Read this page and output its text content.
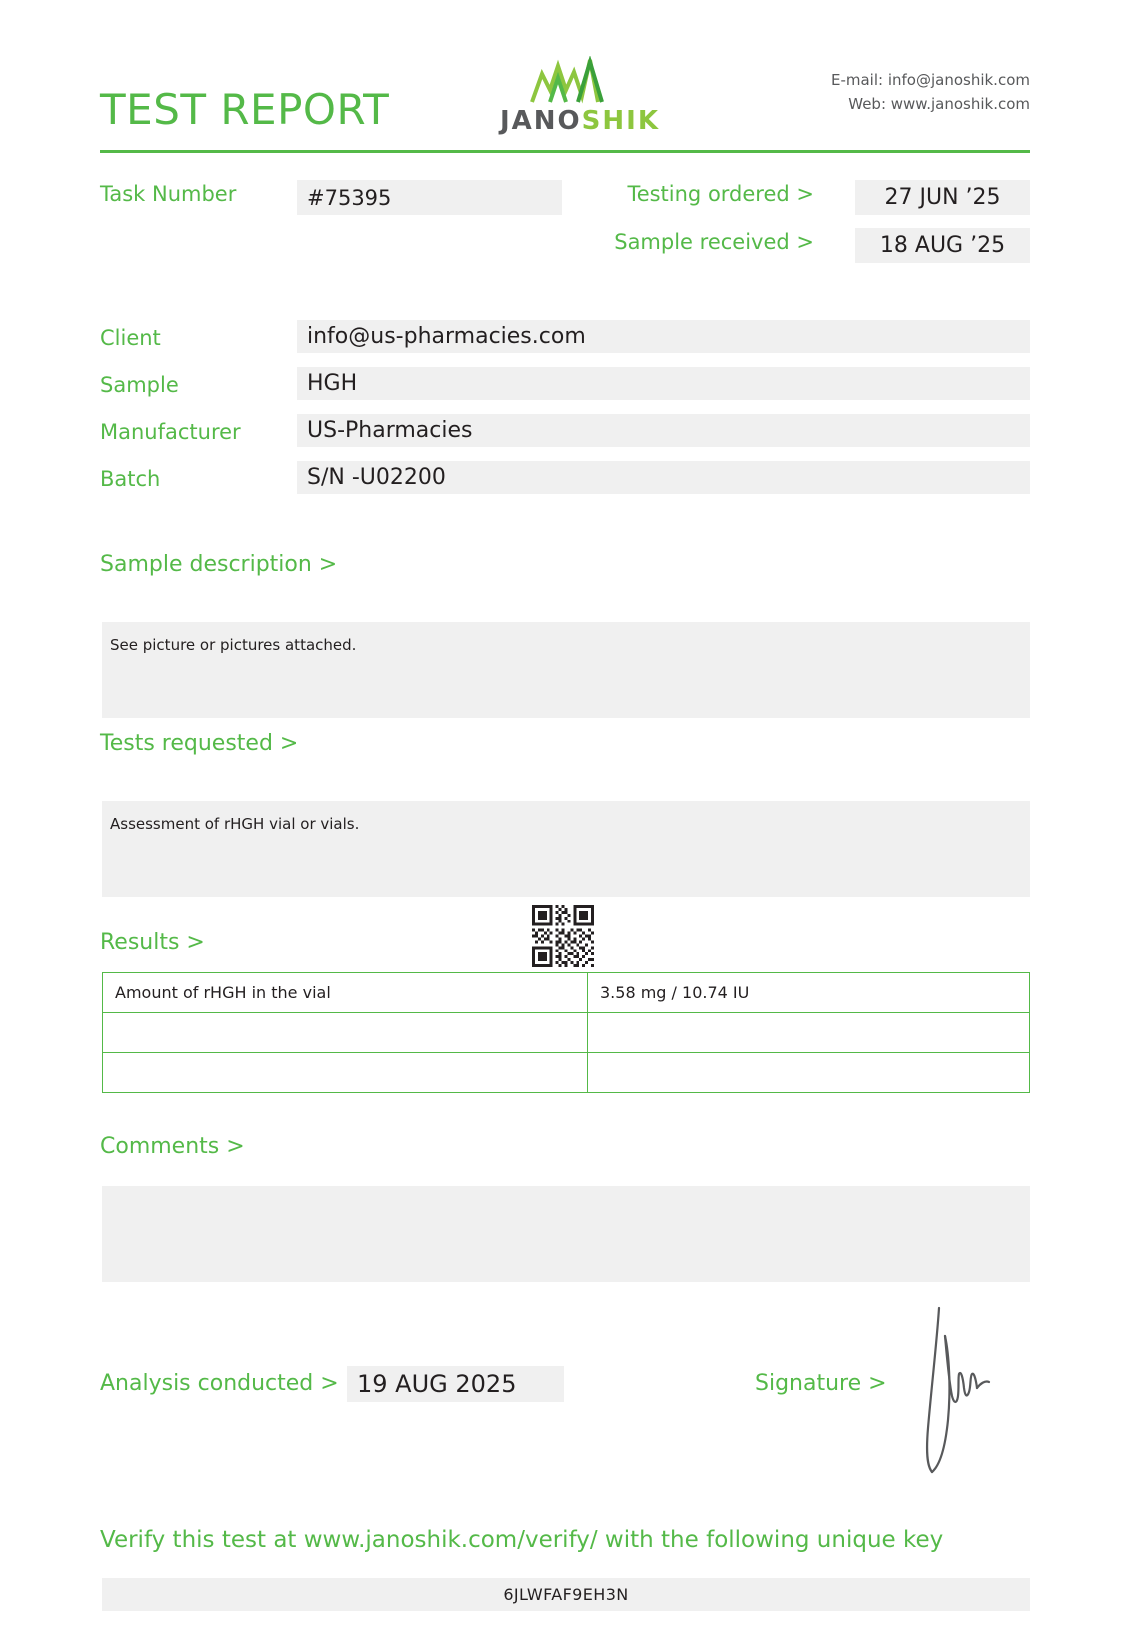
TEST REPORT	JANOSHIK
E-mail: info@janoshik.com
Web: www.janoshik.com
Task Number	#75395	Testing ordered >	27 JUN ’25
Sample received >	18 AUG ’25
Client	info@us-pharmacies.com
Sample	HGH
Manufacturer	US-Pharmacies
Batch	S/N -U02200
Sample description >
See picture or pictures attached.
Tests requested >
Assessment of rHGH vial or vials.
Results >
Amount of rHGH in the vial	3.58 mg / 10.74 IU

Comments >
Analysis conducted > 19 AUG 2025	Signature >
Verify this test at www.janoshik.com/verify/ with the following unique key
6JLWFAF9EH3N
